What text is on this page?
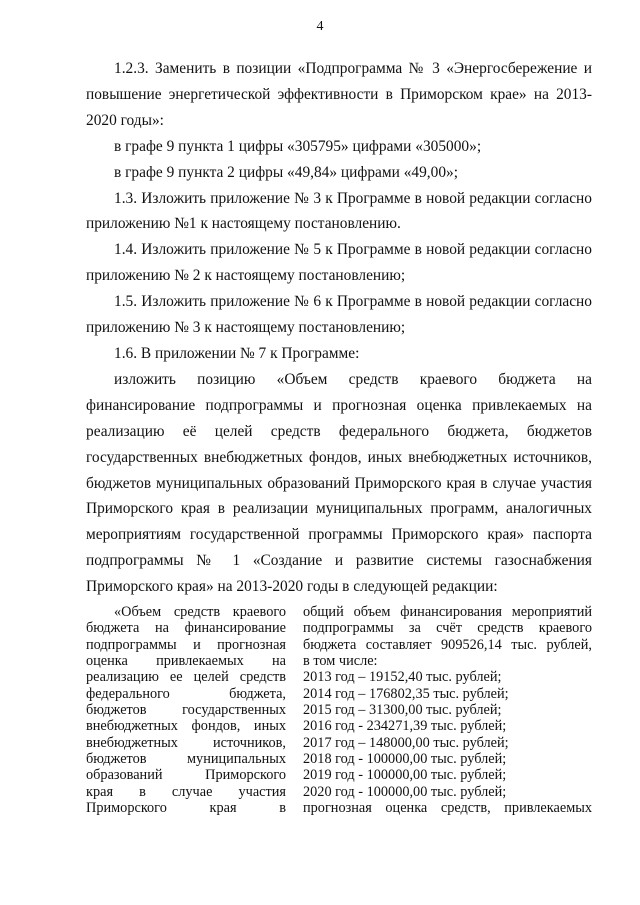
4

1.2.3. Заменить в позиции «Подпрограмма № 3 «Энергосбережение и повышение энергетической эффективности в Приморском крае» на 2013-2020 годы»:

в графе 9 пункта 1 цифры «305795» цифрами «305000»;

в графе 9 пункта 2 цифры «49,84» цифрами «49,00»;

1.3. Изложить приложение № 3 к Программе в новой редакции согласно приложению №1 к настоящему постановлению.

1.4. Изложить приложение № 5 к Программе в новой редакции согласно приложению № 2 к настоящему постановлению;

1.5. Изложить приложение № 6 к Программе в новой редакции согласно приложению № 3 к настоящему постановлению;

1.6. В приложении № 7 к Программе:

изложить позицию «Объем средств краевого бюджета на финансирование подпрограммы и прогнозная оценка привлекаемых на реализацию её целей средств федерального бюджета, бюджетов государственных внебюджетных фондов, иных внебюджетных источников, бюджетов муниципальных образований Приморского края в случае участия Приморского края в реализации муниципальных программ, аналогичных мероприятиям государственной программы Приморского края» паспорта подпрограммы № 1 «Создание и развитие системы газоснабжения Приморского края» на 2013-2020 годы в следующей редакции:

«Объем средств краевого
бюджета на финансирование
подпрограммы и прогнозная
оценка привлекаемых на
реализацию ее целей средств
федерального бюджета,
бюджетов государственных
внебюджетных фондов, иных
внебюджетных источников,
бюджетов муниципальных
образований Приморского
края в случае участия
Приморского края в
общий объем финансирования мероприятий
подпрограммы за счёт средств краевого
бюджета составляет 909526,14 тыс. рублей,
в том числе:
2013 год – 19152,40 тыс. рублей;
2014 год – 176802,35 тыс. рублей;
2015 год – 31300,00 тыс. рублей;
2016 год - 234271,39 тыс. рублей;
2017 год – 148000,00 тыс. рублей;
2018 год - 100000,00 тыс. рублей;
2019 год - 100000,00 тыс. рублей;
2020 год - 100000,00 тыс. рублей;
прогнозная оценка средств, привлекаемых
